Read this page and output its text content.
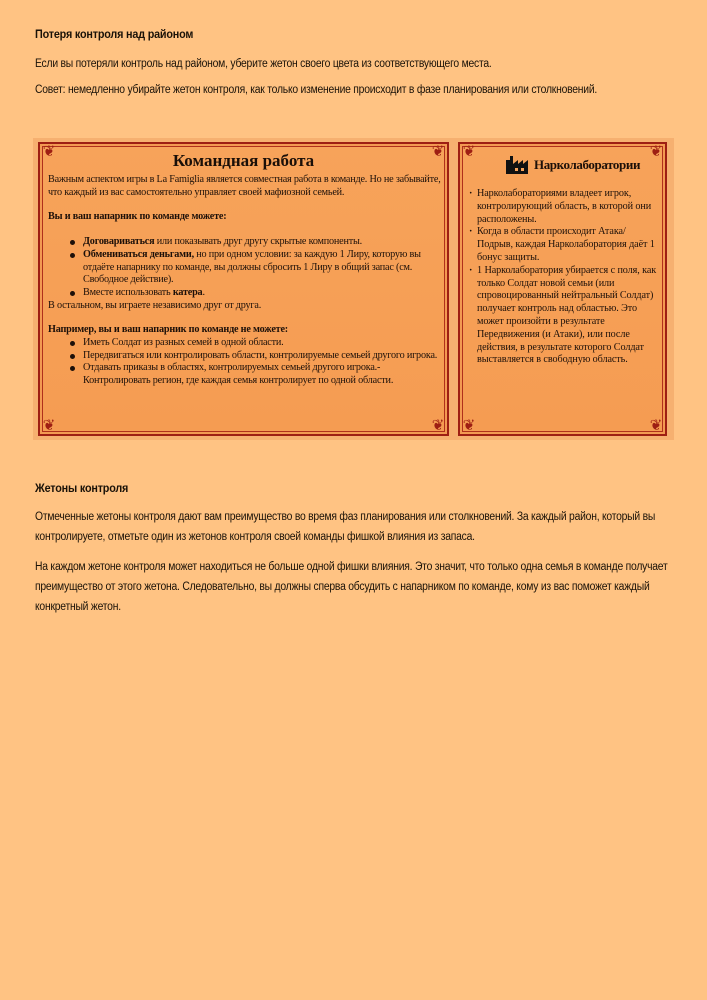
Потеря контроля над районом
Если вы потеряли контроль над районом, уберите жетон своего цвета из соответствующего места.
Совет: немедленно убирайте жетон контроля, как только изменение происходит в фазе планирования или столкновений.
❦	❦
❦	❦
Командная работа

Важным аспектом игры в La Famiglia является совместная работа в команде. Но не забывайте, что каждый из вас самостоятельно управляет своей мафиозной семьей.

Вы и ваш напарник по команде можете:

Договариваться или показывать друг другу скрытые компоненты.
Обмениваться деньгами, но при одном условии: за каждую 1 Лиру, которую вы отдаёте напарнику по команде, вы должны сбросить 1 Лиру в общий запас (см. Свободное действие).
Вместе использовать катера.

В остальном, вы играете независимо друг от друга.

Например, вы и ваш напарник по команде не можете:

Иметь Солдат из разных семей в одной области.
Передвигаться или контролировать области, контролируемые семьей другого игрока.
Отдавать приказы в областях, контролируемых семьей другого игрока.- Контролировать регион, где каждая семья контролирует по одной области.
❦	❦
❦	❦
Нарколаборатории
· Нарколабораториями владеет игрок, контролирующий область, в которой они расположены.
· Когда в области происходит Атака/Подрыв, каждая Нарколаборатория даёт 1 бонус защиты.
· 1 Нарколаборатория убирается с поля, как только Солдат новой семьи (или спровоцированный нейтральный Солдат) получает контроль над областью. Это может произойти в результате Передвижения (и Атаки), или после действия, в результате которого Солдат выставляется в свободную область.
Жетоны контроля
Отмеченные жетоны контроля дают вам преимущество во время фаз планирования или столкновений. За каждый район, который вы контролируете, отметьте один из жетонов контроля своей команды фишкой влияния из запаса.
На каждом жетоне контроля может находиться не больше одной фишки влияния. Это значит, что только одна семья в команде получает преимущество от этого жетона. Следовательно, вы должны сперва обсудить с напарником по команде, кому из вас поможет каждый конкретный жетон.
